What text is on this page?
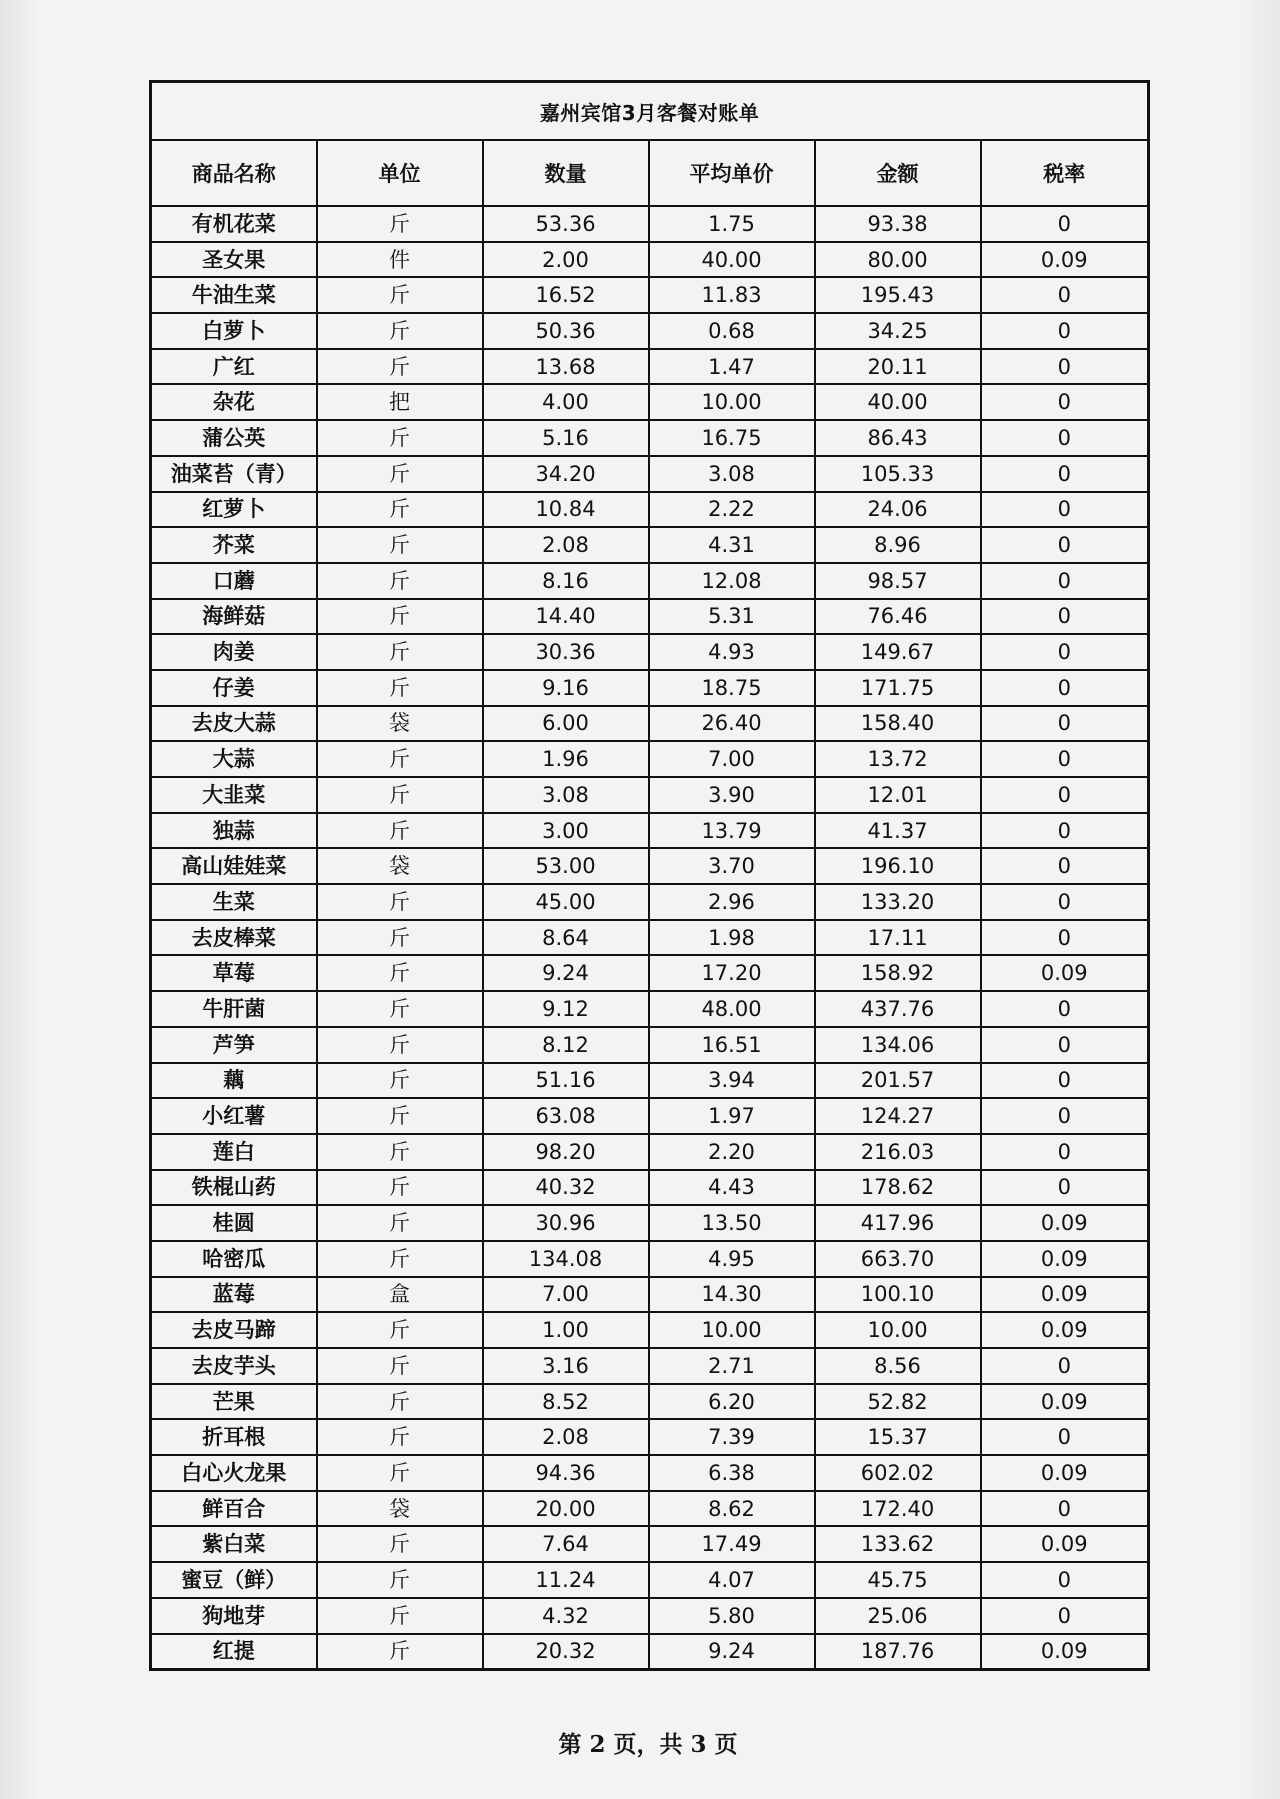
嘉州宾馆3月客餐对账单					
商品名称	单位	数量	平均单价	金额	税率
有机花菜	斤	53.36	1.75	93.38	0
圣女果	件	2.00	40.00	80.00	0.09
牛油生菜	斤	16.52	11.83	195.43	0
白萝卜	斤	50.36	0.68	34.25	0
广红	斤	13.68	1.47	20.11	0
杂花	把	4.00	10.00	40.00	0
蒲公英	斤	5.16	16.75	86.43	0
油菜苔（青）	斤	34.20	3.08	105.33	0
红萝卜	斤	10.84	2.22	24.06	0
芥菜	斤	2.08	4.31	8.96	0
口蘑	斤	8.16	12.08	98.57	0
海鲜菇	斤	14.40	5.31	76.46	0
肉姜	斤	30.36	4.93	149.67	0
仔姜	斤	9.16	18.75	171.75	0
去皮大蒜	袋	6.00	26.40	158.40	0
大蒜	斤	1.96	7.00	13.72	0
大韭菜	斤	3.08	3.90	12.01	0
独蒜	斤	3.00	13.79	41.37	0
高山娃娃菜	袋	53.00	3.70	196.10	0
生菜	斤	45.00	2.96	133.20	0
去皮棒菜	斤	8.64	1.98	17.11	0
草莓	斤	9.24	17.20	158.92	0.09
牛肝菌	斤	9.12	48.00	437.76	0
芦笋	斤	8.12	16.51	134.06	0
藕	斤	51.16	3.94	201.57	0
小红薯	斤	63.08	1.97	124.27	0
莲白	斤	98.20	2.20	216.03	0
铁棍山药	斤	40.32	4.43	178.62	0
桂圆	斤	30.96	13.50	417.96	0.09
哈密瓜	斤	134.08	4.95	663.70	0.09
蓝莓	盒	7.00	14.30	100.10	0.09
去皮马蹄	斤	1.00	10.00	10.00	0.09
去皮芋头	斤	3.16	2.71	8.56	0
芒果	斤	8.52	6.20	52.82	0.09
折耳根	斤	2.08	7.39	15.37	0
白心火龙果	斤	94.36	6.38	602.02	0.09
鲜百合	袋	20.00	8.62	172.40	0
紫白菜	斤	7.64	17.49	133.62	0.09
蜜豆（鲜）	斤	11.24	4.07	45.75	0
狗地芽	斤	4.32	5.80	25.06	0
红提	斤	20.32	9.24	187.76	0.09
第 2 页，共 3 页
